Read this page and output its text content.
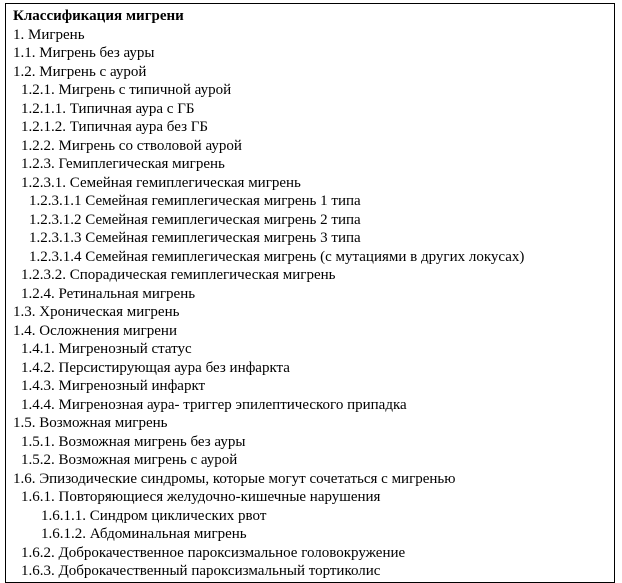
Классификация мигрени
1. Мигрень
1.1. Мигрень без ауры
1.2. Мигрень с аурой
1.2.1. Мигрень с типичной аурой
1.2.1.1. Типичная аура с ГБ
1.2.1.2. Типичная аура без ГБ
1.2.2. Мигрень со стволовой аурой
1.2.3. Гемиплегическая мигрень
1.2.3.1. Семейная гемиплегическая мигрень
1.2.3.1.1 Семейная гемиплегическая мигрень 1 типа
1.2.3.1.2 Семейная гемиплегическая мигрень 2 типа
1.2.3.1.3 Семейная гемиплегическая мигрень 3 типа
1.2.3.1.4 Семейная гемиплегическая мигрень (с мутациями в других локусах)
1.2.3.2. Спорадическая гемиплегическая мигрень
1.2.4. Ретинальная мигрень
1.3. Хроническая мигрень
1.4. Осложнения мигрени
1.4.1. Мигренозный статус
1.4.2. Персистирующая аура без инфаркта
1.4.3. Мигренозный инфаркт
1.4.4. Мигренозная аура- триггер эпилептического припадка
1.5. Возможная мигрень
1.5.1. Возможная мигрень без ауры
1.5.2. Возможная мигрень с аурой
1.6. Эпизодические синдромы, которые могут сочетаться с мигренью
1.6.1. Повторяющиеся желудочно-кишечные нарушения
1.6.1.1. Синдром циклических рвот
1.6.1.2. Абдоминальная мигрень
1.6.2. Доброкачественное пароксизмальное головокружение
1.6.3. Доброкачественный пароксизмальный тортиколис
